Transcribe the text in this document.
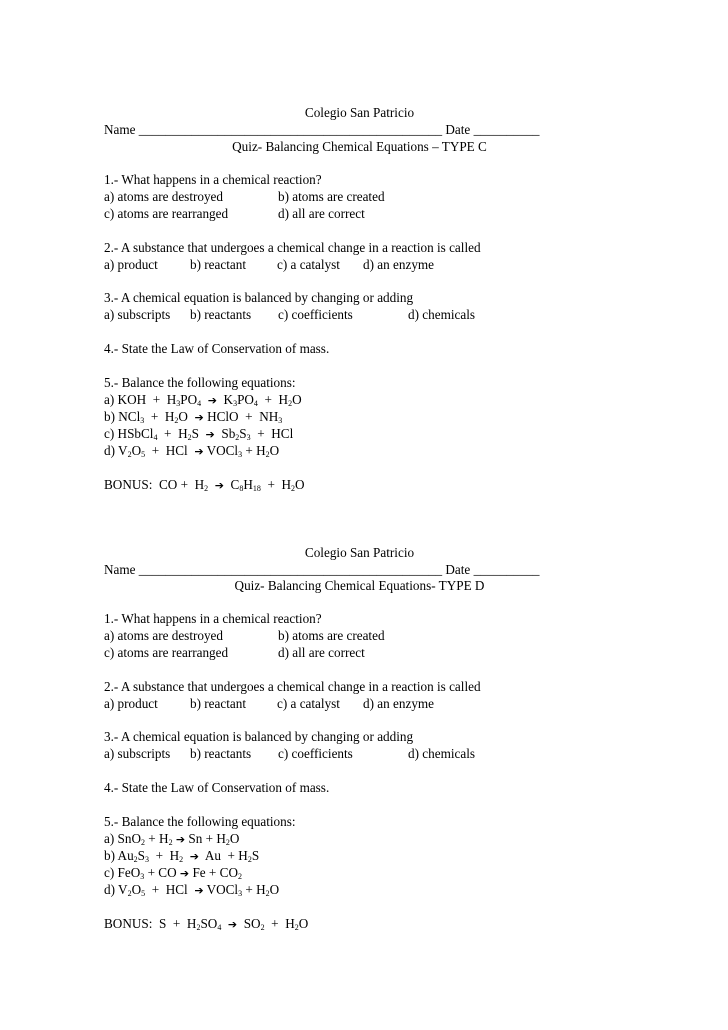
Colegio San Patricio
Name ______________________________________________ Date __________
Quiz- Balancing Chemical Equations – TYPE C
1.- What happens in a chemical reaction?
a) atoms are destroyed	b) atoms are created
c) atoms are rearranged	d) all are correct
2.- A substance that undergoes a chemical change in a reaction is called
a) product b) reactant c) a catalyst d) an enzyme
3.- A chemical equation is balanced by changing or adding
a) subscripts b) reactants c) coefficients	d) chemicals
4.- State the Law of Conservation of mass.
5.- Balance the following equations:
a) KOH  +  $H_3PO_4$ ➔  $K_3PO_4 + H_2O$
b) $NCl_3 + H_2O$  ➔ HClO  +  $NH_3$
c) HSbCl$_4$  +  $H_2S$  ➔  $Sb_2S_3$  +  HCl
d) $V_2O_5$  +  HCl  ➔ VOCl$_3$ + $H_2O$
BONUS:  CO +  $H_2$ ➔  $C_8H_{18} + H_2O$
Colegio San Patricio
Name ______________________________________________ Date __________
Quiz- Balancing Chemical Equations- TYPE D
1.- What happens in a chemical reaction?
a) atoms are destroyed	b) atoms are created
c) atoms are rearranged	d) all are correct
2.- A substance that undergoes a chemical change in a reaction is called
a) product b) reactant c) a catalyst d) an enzyme
3.- A chemical equation is balanced by changing or adding
a) subscripts b) reactants c) coefficients	d) chemicals
4.- State the Law of Conservation of mass.
5.- Balance the following equations:
a) $SnO_2 + H_2$ ➔ $Sn + H_2O$
b) $Au_2S_3 + H_2$ ➔  $Au + H_2S$
c) FeO$_3$ + CO ➔ $Fe + CO_2$
d) $V_2O_5$  +  HCl  ➔ VOCl$_3$ + $H_2O$
BONUS:  $S + H_2SO_4$ ➔  $SO_2 + H_2O$
